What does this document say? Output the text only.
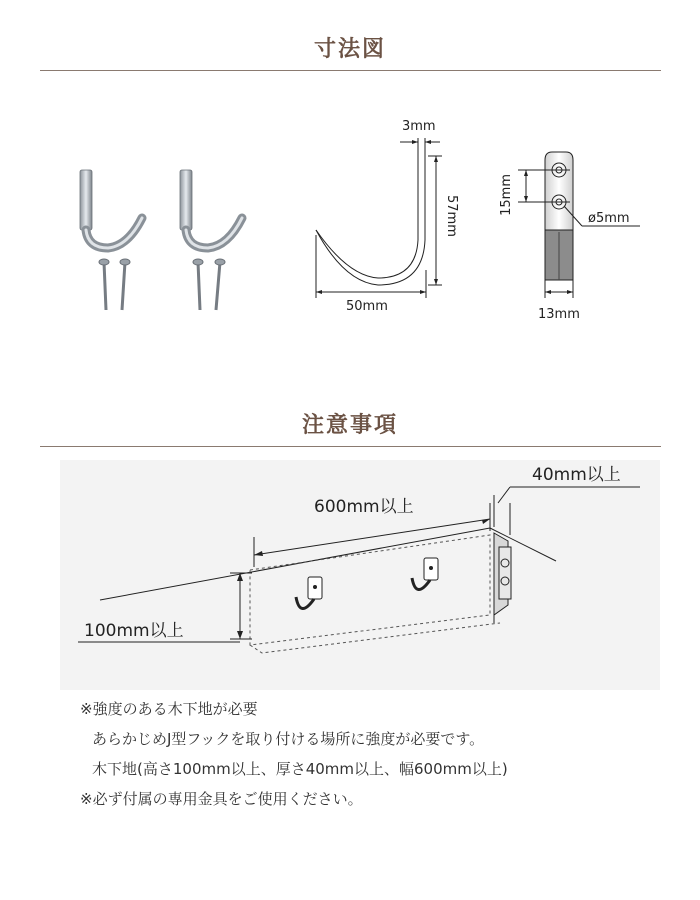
寸法図
3mm
57mm
50mm
15mm
ø5mm
13mm
注意事項
600mm以上
40mm以上
100mm以上
※強度のある木下地が必要
あらかじめJ型フックを取り付ける場所に強度が必要です。
木下地(高さ100mm以上、厚さ40mm以上、幅600mm以上)
※必ず付属の専用金具をご使用ください。
